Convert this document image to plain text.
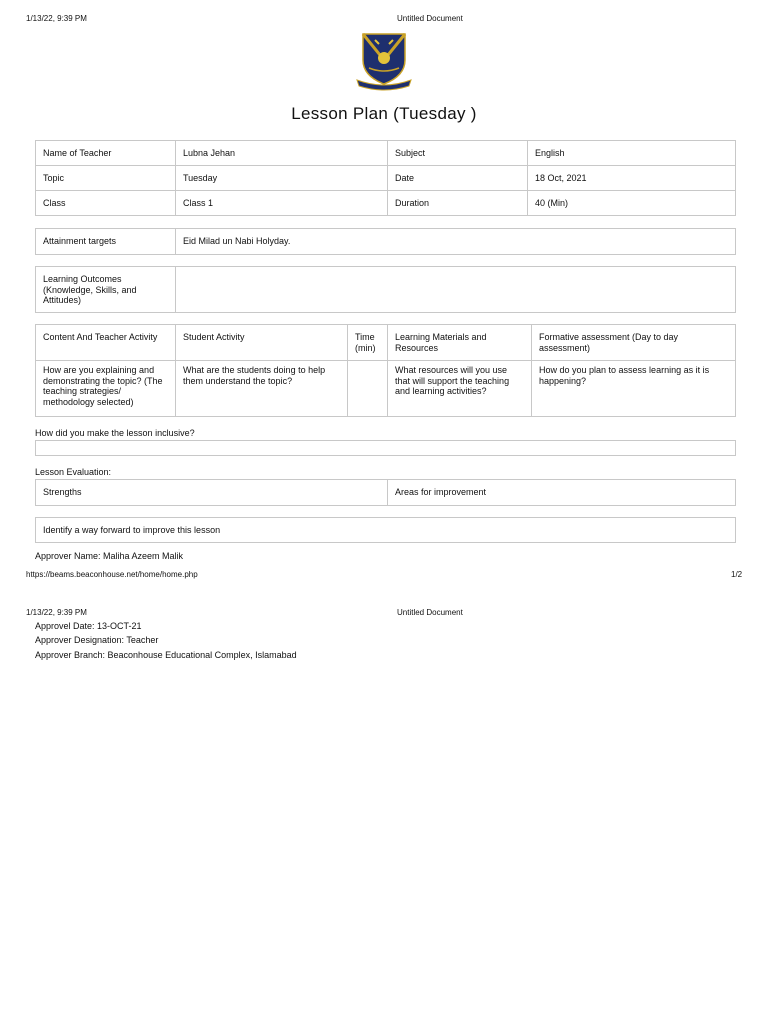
1/13/22, 9:39 PM	Untitled Document
Lesson Plan (Tuesday )
Name of Teacher	Lubna Jehan	Subject	English
Topic	Tuesday	Date	18 Oct, 2021
Class	Class 1	Duration	40 (Min)
Attainment targets	Eid Milad un Nabi Holyday.
Learning Outcomes (Knowledge, Skills, and Attitudes)	
Content And Teacher Activity	Student Activity	Time (min)	Learning Materials and Resources	Formative assessment (Day to day assessment)
How are you explaining and demonstrating the topic? (The teaching strategies/ methodology selected)	What are the students doing to help them understand the topic?		What resources will you use that will support the teaching and learning activities?	How do you plan to assess learning as it is happening?
How did you make the lesson inclusive?
Lesson Evaluation:
Strengths	Areas for improvement
Identify a way forward to improve this lesson
Approver Name: Maliha Azeem Malik
https://beams.beaconhouse.net/home/home.php	1/2
1/13/22, 9:39 PM	Untitled Document
Approvel Date: 13-OCT-21
Approver Designation: Teacher
Approver Branch: Beaconhouse Educational Complex, Islamabad
